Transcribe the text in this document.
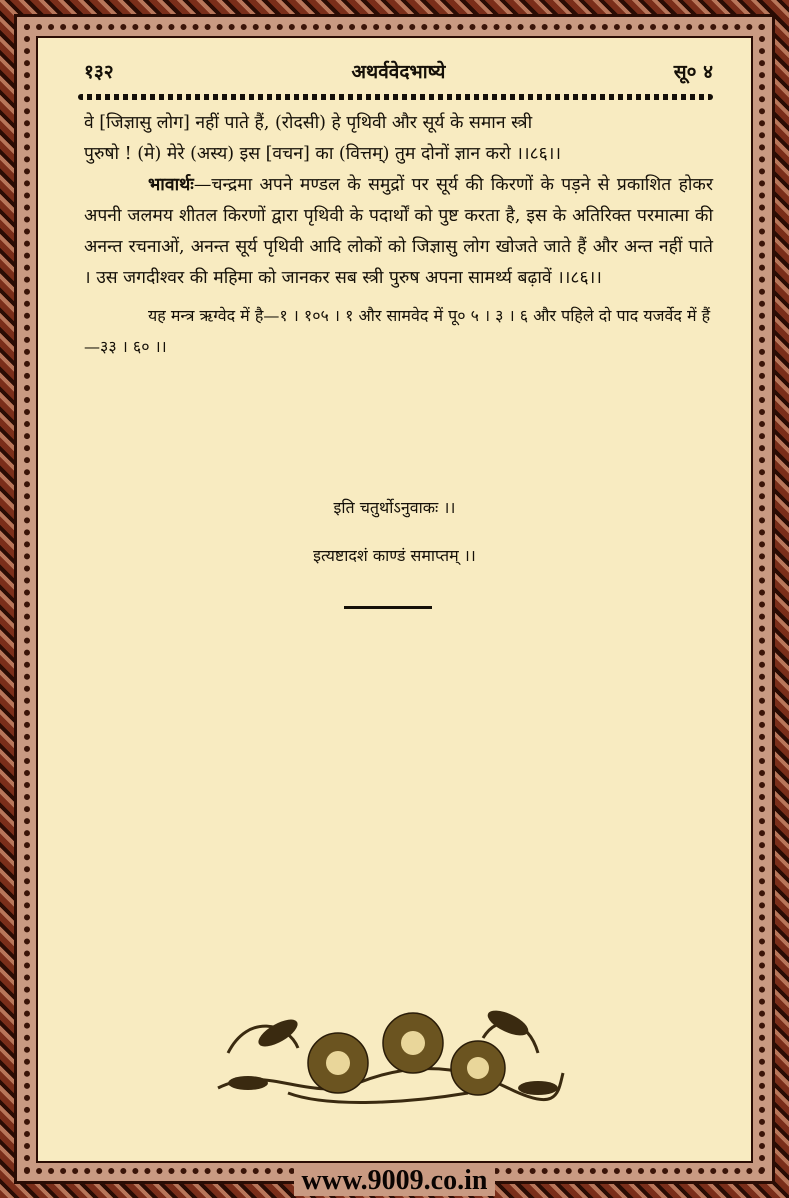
१३२	अथर्ववेदभाष्ये	सू० ४

वे [जिज्ञासु लोग] नहीं पाते हैं, (रोदसी) हे पृथिवी और सूर्य के समान स्त्री

पुरुषो ! (मे) मेरे (अस्य) इस [वचन] का (वित्तम्) तुम दोनों ज्ञान करो ।।८६।।

भावार्थः—चन्द्रमा अपने मण्डल के समुद्रों पर सूर्य की किरणों के पड़ने से प्रकाशित होकर अपनी जलमय शीतल किरणों द्वारा पृथिवी के पदार्थों को पुष्ट करता है, इस के अतिरिक्त परमात्मा की अनन्त रचनाओं, अनन्त सूर्य पृथिवी आदि लोकों को जिज्ञासु लोग खोजते जाते हैं और अन्त नहीं पाते । उस जगदीश्वर की महिमा को जानकर सब स्त्री पुरुष अपना सामर्थ्य बढ़ावें ।।८६।।

यह मन्त्र ऋग्वेद में है—१ । १०५ । १ और सामवेद में पू० ५ । ३ । ६ और पहिले दो पाद यजर्वेद में हैं—३३ । ६० ।।

इति चतुर्थोऽनुवाकः ।।
इत्यष्टादशं काण्डं समाप्तम् ।।
www.9009.co.in
